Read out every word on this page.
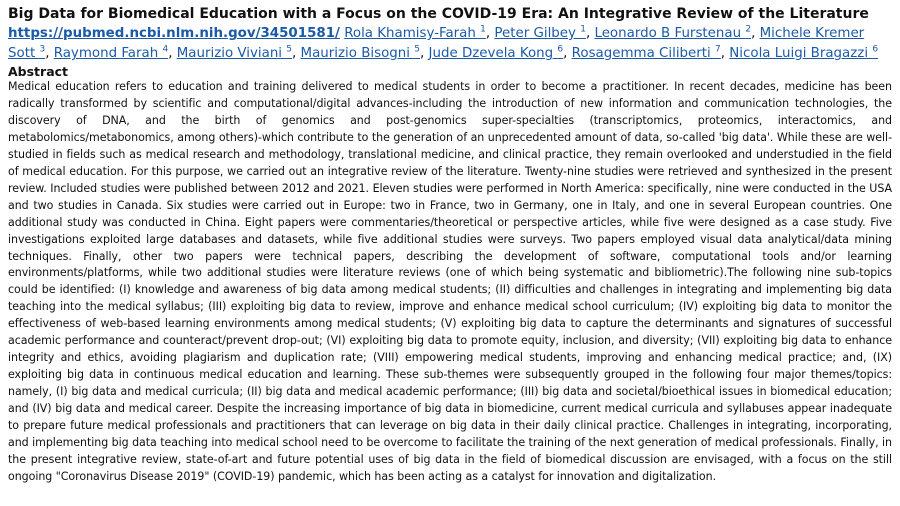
Big Data for Biomedical Education with a Focus on the COVID-19 Era: An Integrative Review of the Literature

https://pubmed.ncbi.nlm.nih.gov/34501581/ Rola Khamisy-Farah $^1$, Peter Gilbey $^1$, Leonardo B Furstenau $^2$, Michele Kremer Sott $^3$, Raymond Farah $^4$, Maurizio Viviani $^5$, Maurizio Bisogni $^5$, Jude Dzevela Kong $^6$, Rosagemma Ciliberti $^7$, Nicola Luigi Bragazzi $^6$

Abstract

Medical education refers to education and training delivered to medical students in order to become a practitioner. In recent decades, medicine has been radically transformed by scientific and computational/digital advances-including the introduction of new information and communication technologies, the discovery of DNA, and the birth of genomics and post-genomics super-specialties (transcriptomics, proteomics, interactomics, and metabolomics/metabonomics, among others)-which contribute to the generation of an unprecedented amount of data, so-called 'big data'. While these are well-studied in fields such as medical research and methodology, translational medicine, and clinical practice, they remain overlooked and understudied in the field of medical education. For this purpose, we carried out an integrative review of the literature. Twenty-nine studies were retrieved and synthesized in the present review. Included studies were published between 2012 and 2021. Eleven studies were performed in North America: specifically, nine were conducted in the USA and two studies in Canada. Six studies were carried out in Europe: two in France, two in Germany, one in Italy, and one in several European countries. One additional study was conducted in China. Eight papers were commentaries/theoretical or perspective articles, while five were designed as a case study. Five investigations exploited large databases and datasets, while five additional studies were surveys. Two papers employed visual data analytical/data mining techniques. Finally, other two papers were technical papers, describing the development of software, computational tools and/or learning environments/platforms, while two additional studies were literature reviews (one of which being systematic and bibliometric).The following nine sub-topics could be identified: (I) knowledge and awareness of big data among medical students; (II) difficulties and challenges in integrating and implementing big data teaching into the medical syllabus; (III) exploiting big data to review, improve and enhance medical school curriculum; (IV) exploiting big data to monitor the effectiveness of web-based learning environments among medical students; (V) exploiting big data to capture the determinants and signatures of successful academic performance and counteract/prevent drop-out; (VI) exploiting big data to promote equity, inclusion, and diversity; (VII) exploiting big data to enhance integrity and ethics, avoiding plagiarism and duplication rate; (VIII) empowering medical students, improving and enhancing medical practice; and, (IX) exploiting big data in continuous medical education and learning. These sub-themes were subsequently grouped in the following four major themes/topics: namely, (I) big data and medical curricula; (II) big data and medical academic performance; (III) big data and societal/bioethical issues in biomedical education; and (IV) big data and medical career. Despite the increasing importance of big data in biomedicine, current medical curricula and syllabuses appear inadequate to prepare future medical professionals and practitioners that can leverage on big data in their daily clinical practice. Challenges in integrating, incorporating, and implementing big data teaching into medical school need to be overcome to facilitate the training of the next generation of medical professionals. Finally, in the present integrative review, state-of-art and future potential uses of big data in the field of biomedical discussion are envisaged, with a focus on the still ongoing "Coronavirus Disease 2019" (COVID-19) pandemic, which has been acting as a catalyst for innovation and digitalization.
